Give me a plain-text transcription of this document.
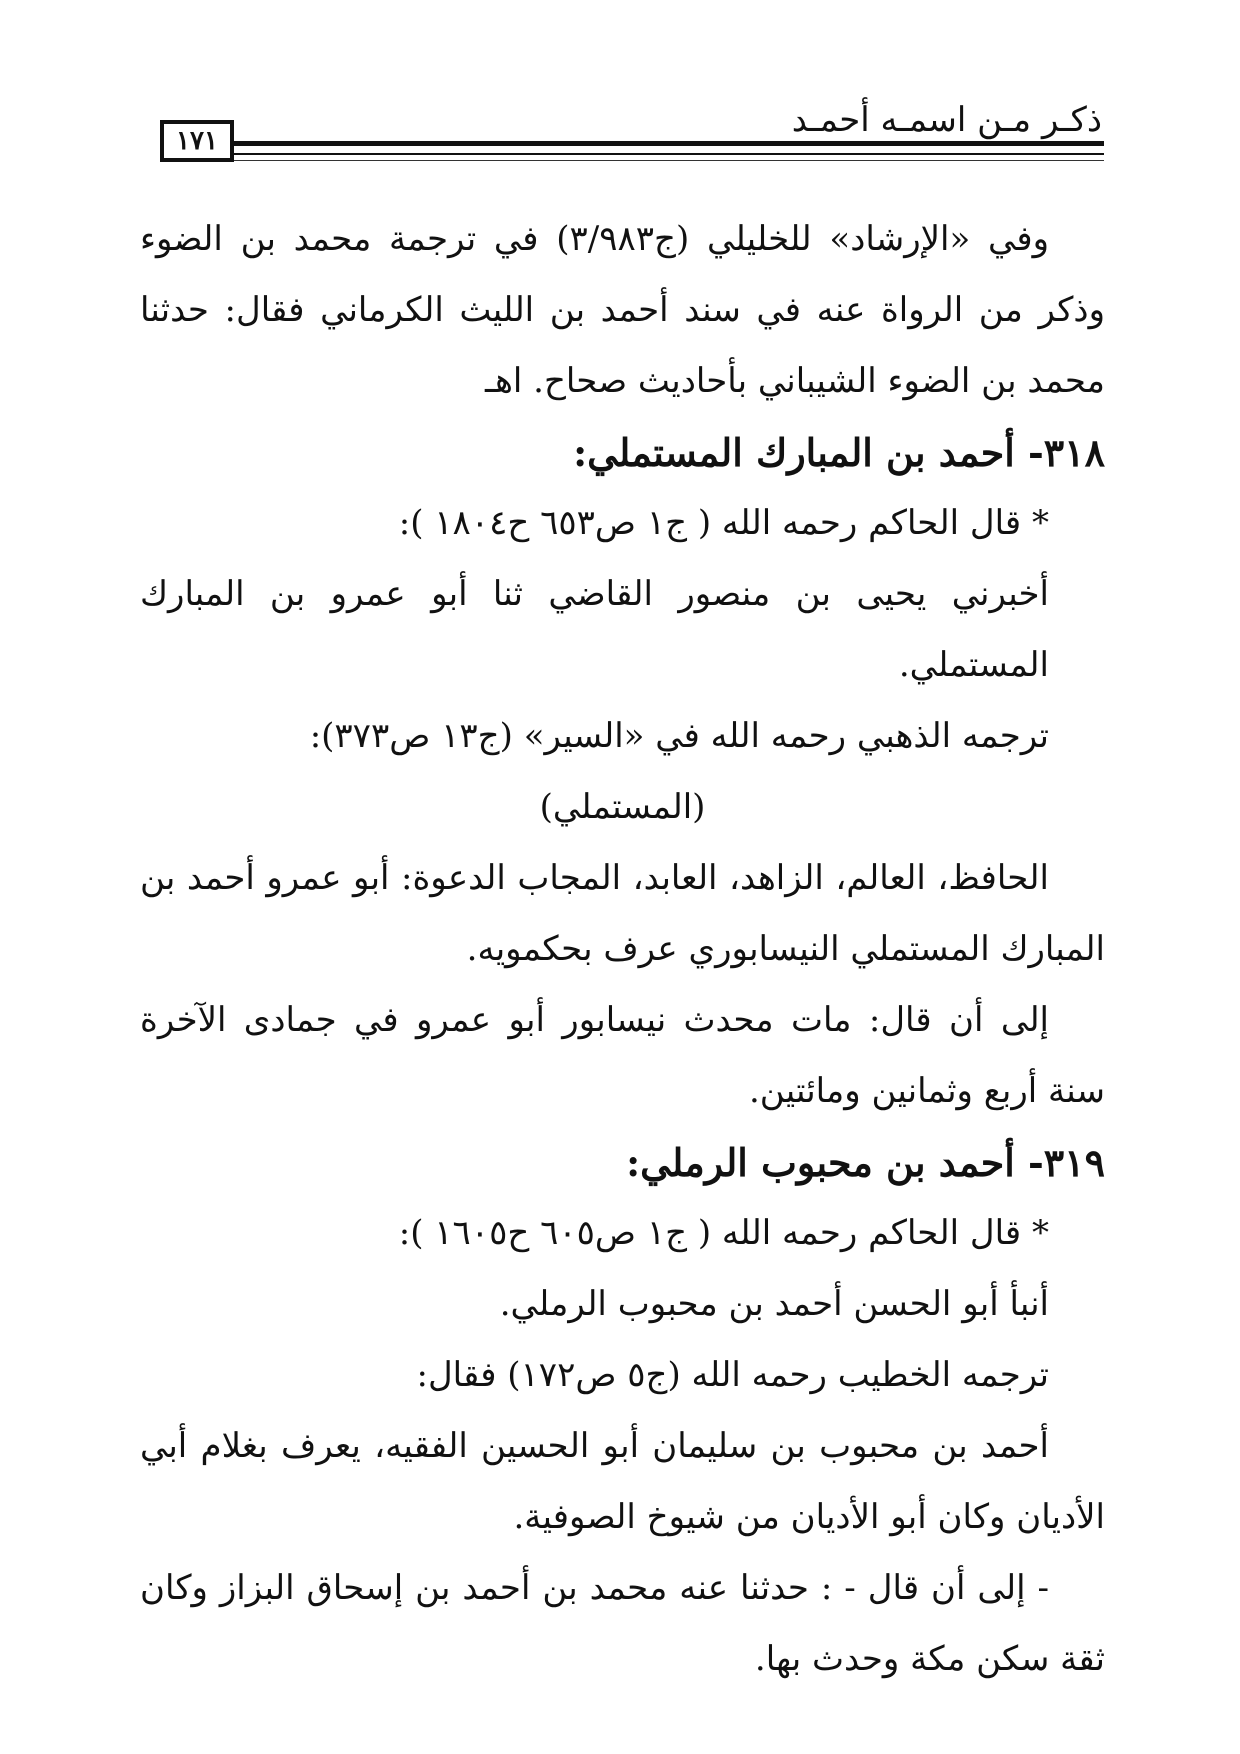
ذكـر مـن اسمـه أحمـد
١٧١

وفي «الإرشاد» للخليلي (ج٣/٩٨٣) في ترجمة محمد بن الضوء وذكر من الرواة عنه في سند أحمد بن الليث الكرماني فقال: حدثنا محمد بن الضوء الشيباني بأحاديث صحاح. اهـ

٣١٨- أحمد بن المبارك المستملي:

* قال الحاكم رحمه الله ( ج١ ص٦٥٣ ح١٨٠٤ ):

أخبرني يحيى بن منصور القاضي ثنا أبو عمرو بن المبارك المستملي.

ترجمه الذهبي رحمه الله في «السير» (ج١٣ ص٣٧٣):

(المستملي)

الحافظ، العالم، الزاهد، العابد، المجاب الدعوة: أبو عمرو أحمد بن المبارك المستملي النيسابوري عرف بحكمويه.

إلى أن قال: مات محدث نيسابور أبو عمرو في جمادى الآخرة سنة أربع وثمانين ومائتين.

٣١٩- أحمد بن محبوب الرملي:

* قال الحاكم رحمه الله ( ج١ ص٦٠٥ ح١٦٠٥ ):

أنبأ أبو الحسن أحمد بن محبوب الرملي.

ترجمه الخطيب رحمه الله (ج٥ ص١٧٢) فقال:

أحمد بن محبوب بن سليمان أبو الحسين الفقيه، يعرف بغلام أبي الأديان وكان أبو الأديان من شيوخ الصوفية.

- إلى أن قال - : حدثنا عنه محمد بن أحمد بن إسحاق البزاز وكان ثقة سكن مكة وحدث بها.
